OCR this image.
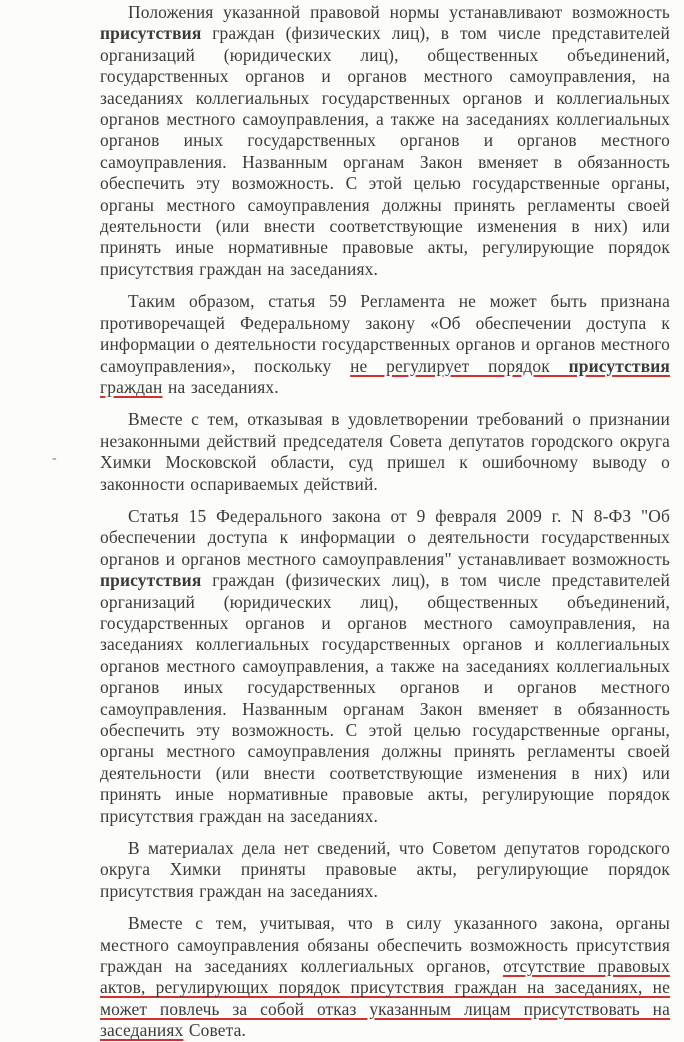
Положения указанной правовой нормы устанавливают возможность присутствия граждан (физических лиц), в том числе представителей организаций (юридических лиц), общественных объединений, государственных органов и органов местного самоуправления, на заседаниях коллегиальных государственных органов и коллегиальных органов местного самоуправления, а также на заседаниях коллегиальных органов иных государственных органов и органов местного самоуправления. Названным органам Закон вменяет в обязанность обеспечить эту возможность. С этой целью государственные органы, органы местного самоуправления должны принять регламенты своей деятельности (или внести соответствующие изменения в них) или принять иные нормативные правовые акты, регулирующие порядок присутствия граждан на заседаниях.

Таким образом, статья 59 Регламента не может быть признана противоречащей Федеральному закону «Об обеспечении доступа к информации о деятельности государственных органов и органов местного самоуправления», поскольку не регулирует порядок присутствия граждан на заседаниях.

Вместе с тем, отказывая в удовлетворении требований о признании незаконными действий председателя Совета депутатов городского округа Химки Московской области, суд пришел к ошибочному выводу о законности оспариваемых действий.

Статья 15 Федерального закона от 9 февраля 2009 г. N 8-ФЗ "Об обеспечении доступа к информации о деятельности государственных органов и органов местного самоуправления" устанавливает возможность присутствия граждан (физических лиц), в том числе представителей организаций (юридических лиц), общественных объединений, государственных органов и органов местного самоуправления, на заседаниях коллегиальных государственных органов и коллегиальных органов местного самоуправления, а также на заседаниях коллегиальных органов иных государственных органов и органов местного самоуправления. Названным органам Закон вменяет в обязанность обеспечить эту возможность. С этой целью государственные органы, органы местного самоуправления должны принять регламенты своей деятельности (или внести соответствующие изменения в них) или принять иные нормативные правовые акты, регулирующие порядок присутствия граждан на заседаниях.

В материалах дела нет сведений, что Советом депутатов городского округа Химки приняты правовые акты, регулирующие порядок присутствия граждан на заседаниях.

Вместе с тем, учитывая, что в силу указанного закона, органы местного самоуправления обязаны обеспечить возможность присутствия граждан на заседаниях коллегиальных органов, отсутствие правовых актов, регулирующих порядок присутствия граждан на заседаниях, не может повлечь за собой отказ указанным лицам присутствовать на заседаниях Совета.

-
